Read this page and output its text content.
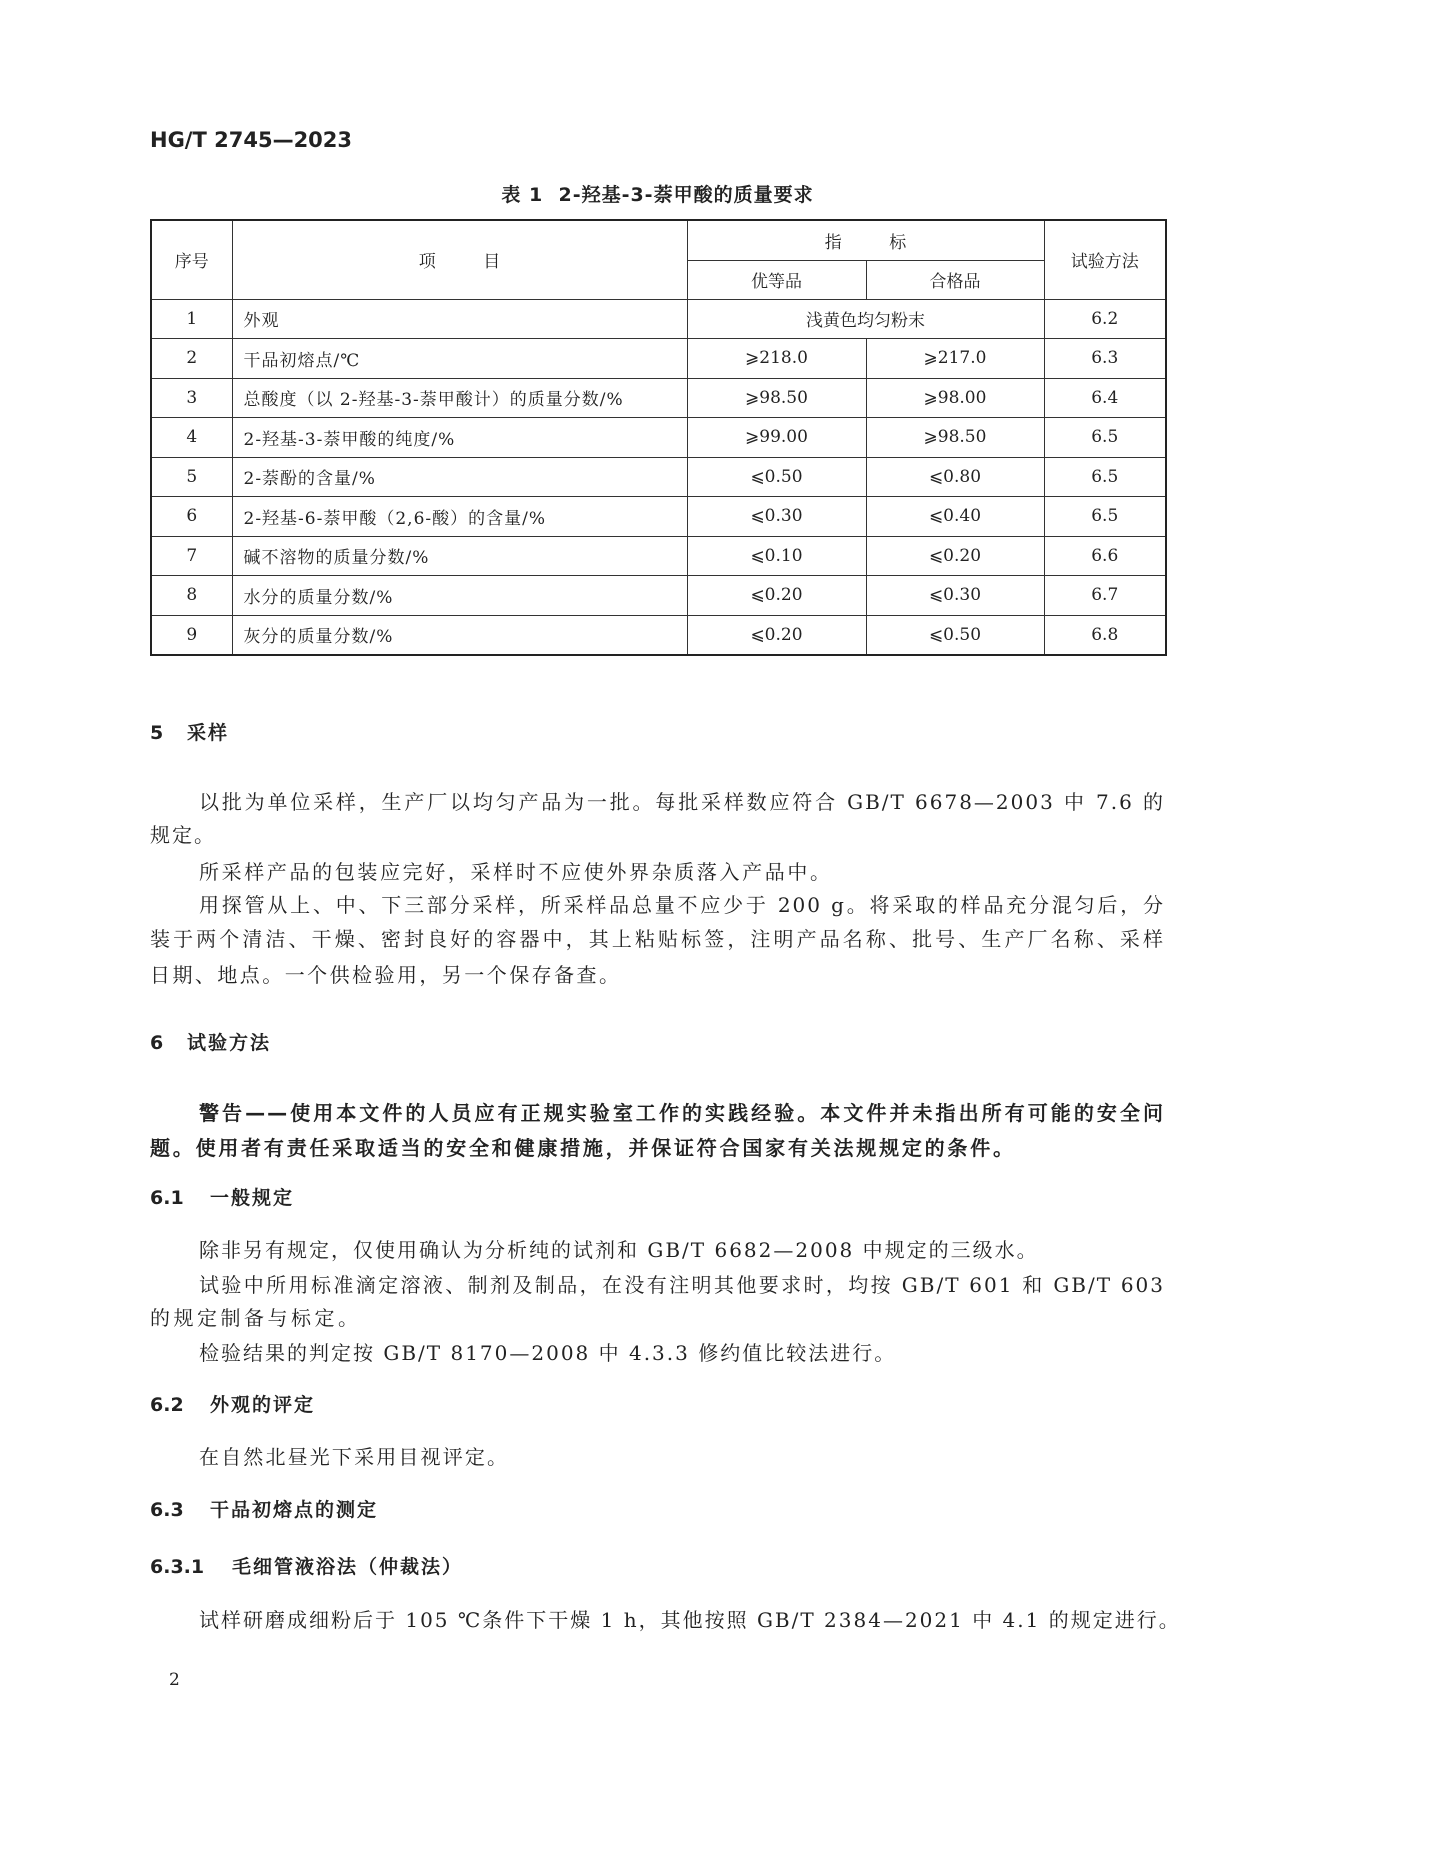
HG/T 2745—2023
表 1  2-羟基-3-萘甲酸的质量要求
序号	项 目	指 标		试验方法
		优等品	合格品	
1	外观	浅黄色均匀粉末		6.2
2	干品初熔点/℃	⩾218.0	⩾217.0	6.3
3	总酸度（以 2-羟基-3-萘甲酸计）的质量分数/%	⩾98.50	⩾98.00	6.4
4	2-羟基-3-萘甲酸的纯度/%	⩾99.00	⩾98.50	6.5
5	2-萘酚的含量/%	⩽0.50	⩽0.80	6.5
6	2-羟基-6-萘甲酸（2,6-酸）的含量/%	⩽0.30	⩽0.40	6.5
7	碱不溶物的质量分数/%	⩽0.10	⩽0.20	6.6
8	水分的质量分数/%	⩽0.20	⩽0.30	6.7
9	灰分的质量分数/%	⩽0.20	⩽0.50	6.8
5 采样
以批为单位采样，生产厂以均匀产品为一批。每批采样数应符合 GB/T 6678—2003 中 7.6 的
规定。
所采样产品的包装应完好，采样时不应使外界杂质落入产品中。
用探管从上、中、下三部分采样，所采样品总量不应少于 200 g。将采取的样品充分混匀后，分
装于两个清洁、干燥、密封良好的容器中，其上粘贴标签，注明产品名称、批号、生产厂名称、采样
日期、地点。一个供检验用，另一个保存备查。
6 试验方法
警告——使用本文件的人员应有正规实验室工作的实践经验。本文件并未指出所有可能的安全问
题。使用者有责任采取适当的安全和健康措施，并保证符合国家有关法规规定的条件。
6.1 一般规定
除非另有规定，仅使用确认为分析纯的试剂和 GB/T 6682—2008 中规定的三级水。
试验中所用标准滴定溶液、制剂及制品，在没有注明其他要求时，均按 GB/T 601 和 GB/T 603
的规定制备与标定。
检验结果的判定按 GB/T 8170—2008 中 4.3.3 修约值比较法进行。
6.2 外观的评定
在自然北昼光下采用目视评定。
6.3 干品初熔点的测定
6.3.1 毛细管液浴法（仲裁法）
试样研磨成细粉后于 105 ℃条件下干燥 1 h，其他按照 GB/T 2384—2021 中 4.1 的规定进行。
2
